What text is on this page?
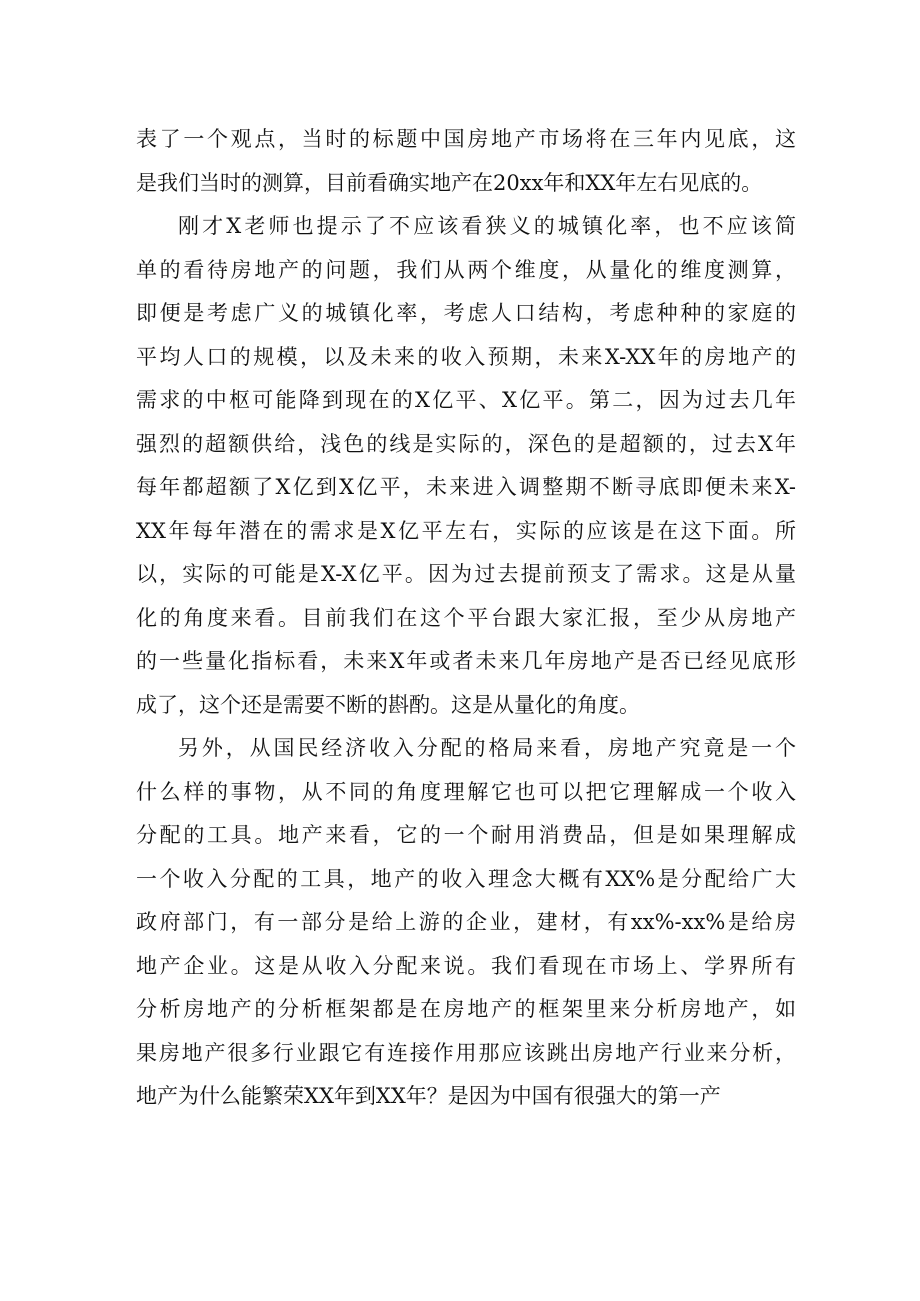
表了一个观点，当时的标题中国房地产市场将在三年内见底，这
是我们当时的测算，目前看确实地产在20xx年和XX年左右见底的。
刚才X老师也提示了不应该看狭义的城镇化率，也不应该简
单的看待房地产的问题，我们从两个维度，从量化的维度测算，
即便是考虑广义的城镇化率，考虑人口结构，考虑种种的家庭的
平均人口的规模，以及未来的收入预期，未来X-XX年的房地产的
需求的中枢可能降到现在的X亿平、X亿平。第二，因为过去几年
强烈的超额供给，浅色的线是实际的，深色的是超额的，过去X年
每年都超额了X亿到X亿平，未来进入调整期不断寻底即便未来X-
XX年每年潜在的需求是X亿平左右，实际的应该是在这下面。所
以，实际的可能是X-X亿平。因为过去提前预支了需求。这是从量
化的角度来看。目前我们在这个平台跟大家汇报，至少从房地产
的一些量化指标看，未来X年或者未来几年房地产是否已经见底形
成了，这个还是需要不断的斟酌。这是从量化的角度。
另外，从国民经济收入分配的格局来看，房地产究竟是一个
什么样的事物，从不同的角度理解它也可以把它理解成一个收入
分配的工具。地产来看，它的一个耐用消费品，但是如果理解成
一个收入分配的工具，地产的收入理念大概有XX%是分配给广大
政府部门，有一部分是给上游的企业，建材，有xx%-xx%是给房
地产企业。这是从收入分配来说。我们看现在市场上、学界所有
分析房地产的分析框架都是在房地产的框架里来分析房地产，如
果房地产很多行业跟它有连接作用那应该跳出房地产行业来分析，
地产为什么能繁荣XX年到XX年？是因为中国有很强大的第一产
